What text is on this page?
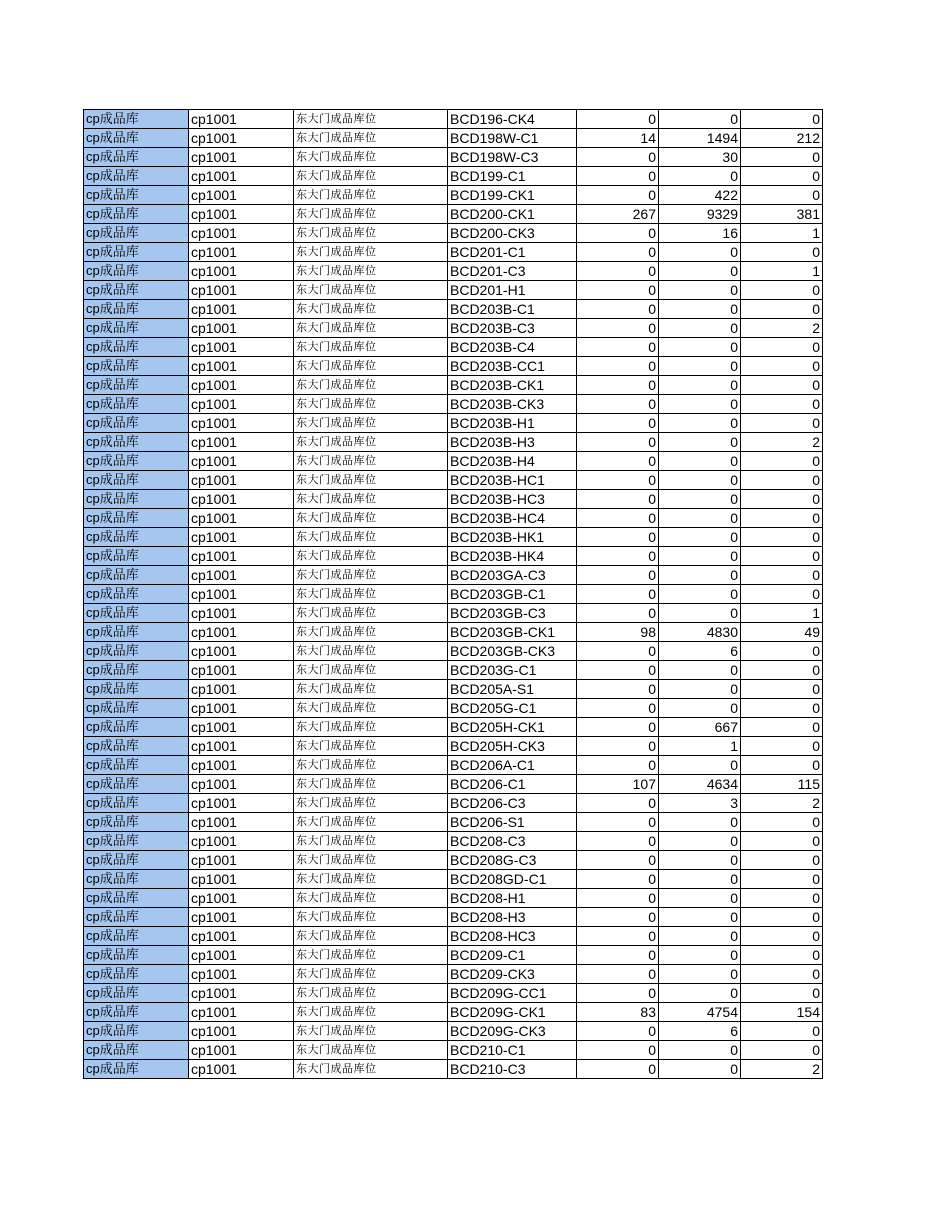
cp成品库	cp1001	东大门成品库位	BCD196-CK4	0	0	0
cp成品库	cp1001	东大门成品库位	BCD198W-C1	14	1494	212
cp成品库	cp1001	东大门成品库位	BCD198W-C3	0	30	0
cp成品库	cp1001	东大门成品库位	BCD199-C1	0	0	0
cp成品库	cp1001	东大门成品库位	BCD199-CK1	0	422	0
cp成品库	cp1001	东大门成品库位	BCD200-CK1	267	9329	381
cp成品库	cp1001	东大门成品库位	BCD200-CK3	0	16	1
cp成品库	cp1001	东大门成品库位	BCD201-C1	0	0	0
cp成品库	cp1001	东大门成品库位	BCD201-C3	0	0	1
cp成品库	cp1001	东大门成品库位	BCD201-H1	0	0	0
cp成品库	cp1001	东大门成品库位	BCD203B-C1	0	0	0
cp成品库	cp1001	东大门成品库位	BCD203B-C3	0	0	2
cp成品库	cp1001	东大门成品库位	BCD203B-C4	0	0	0
cp成品库	cp1001	东大门成品库位	BCD203B-CC1	0	0	0
cp成品库	cp1001	东大门成品库位	BCD203B-CK1	0	0	0
cp成品库	cp1001	东大门成品库位	BCD203B-CK3	0	0	0
cp成品库	cp1001	东大门成品库位	BCD203B-H1	0	0	0
cp成品库	cp1001	东大门成品库位	BCD203B-H3	0	0	2
cp成品库	cp1001	东大门成品库位	BCD203B-H4	0	0	0
cp成品库	cp1001	东大门成品库位	BCD203B-HC1	0	0	0
cp成品库	cp1001	东大门成品库位	BCD203B-HC3	0	0	0
cp成品库	cp1001	东大门成品库位	BCD203B-HC4	0	0	0
cp成品库	cp1001	东大门成品库位	BCD203B-HK1	0	0	0
cp成品库	cp1001	东大门成品库位	BCD203B-HK4	0	0	0
cp成品库	cp1001	东大门成品库位	BCD203GA-C3	0	0	0
cp成品库	cp1001	东大门成品库位	BCD203GB-C1	0	0	0
cp成品库	cp1001	东大门成品库位	BCD203GB-C3	0	0	1
cp成品库	cp1001	东大门成品库位	BCD203GB-CK1	98	4830	49
cp成品库	cp1001	东大门成品库位	BCD203GB-CK3	0	6	0
cp成品库	cp1001	东大门成品库位	BCD203G-C1	0	0	0
cp成品库	cp1001	东大门成品库位	BCD205A-S1	0	0	0
cp成品库	cp1001	东大门成品库位	BCD205G-C1	0	0	0
cp成品库	cp1001	东大门成品库位	BCD205H-CK1	0	667	0
cp成品库	cp1001	东大门成品库位	BCD205H-CK3	0	1	0
cp成品库	cp1001	东大门成品库位	BCD206A-C1	0	0	0
cp成品库	cp1001	东大门成品库位	BCD206-C1	107	4634	115
cp成品库	cp1001	东大门成品库位	BCD206-C3	0	3	2
cp成品库	cp1001	东大门成品库位	BCD206-S1	0	0	0
cp成品库	cp1001	东大门成品库位	BCD208-C3	0	0	0
cp成品库	cp1001	东大门成品库位	BCD208G-C3	0	0	0
cp成品库	cp1001	东大门成品库位	BCD208GD-C1	0	0	0
cp成品库	cp1001	东大门成品库位	BCD208-H1	0	0	0
cp成品库	cp1001	东大门成品库位	BCD208-H3	0	0	0
cp成品库	cp1001	东大门成品库位	BCD208-HC3	0	0	0
cp成品库	cp1001	东大门成品库位	BCD209-C1	0	0	0
cp成品库	cp1001	东大门成品库位	BCD209-CK3	0	0	0
cp成品库	cp1001	东大门成品库位	BCD209G-CC1	0	0	0
cp成品库	cp1001	东大门成品库位	BCD209G-CK1	83	4754	154
cp成品库	cp1001	东大门成品库位	BCD209G-CK3	0	6	0
cp成品库	cp1001	东大门成品库位	BCD210-C1	0	0	0
cp成品库	cp1001	东大门成品库位	BCD210-C3	0	0	2
